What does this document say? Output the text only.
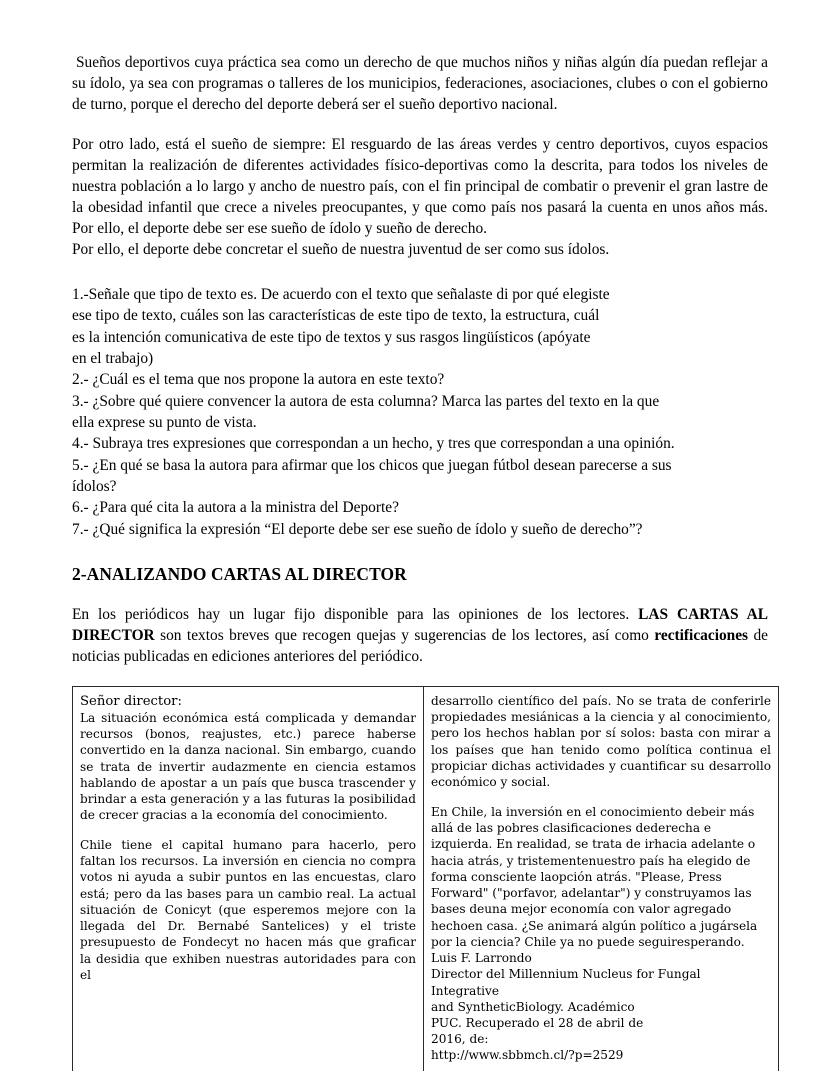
Sueños deportivos cuya práctica sea como un derecho de que muchos niños y niñas algún día puedan reflejar a su ídolo, ya sea con programas o talleres de los municipios, federaciones, asociaciones, clubes o con el gobierno de turno, porque el derecho del deporte deberá ser el sueño deportivo nacional.

Por otro lado, está el sueño de siempre: El resguardo de las áreas verdes y centro deportivos, cuyos espacios permitan la realización de diferentes actividades físico-deportivas como la descrita, para todos los niveles de nuestra población a lo largo y ancho de nuestro país, con el fin principal de combatir o prevenir el gran lastre de la obesidad infantil que crece a niveles preocupantes, y que como país nos pasará la cuenta en unos años más. Por ello, el deporte debe ser ese sueño de ídolo y sueño de derecho.

Por ello, el deporte debe concretar el sueño de nuestra juventud de ser como sus ídolos.

1.-Señale que tipo de texto es. De acuerdo con el texto que señalaste di por qué elegiste

ese tipo de texto, cuáles son las características de este tipo de texto, la estructura, cuál

es la intención comunicativa de este tipo de textos y sus rasgos lingüísticos (apóyate

en el trabajo)

2.- ¿Cuál es el tema que nos propone la autora en este texto?

3.- ¿Sobre qué quiere convencer la autora de esta columna? Marca las partes del texto en la que

ella exprese su punto de vista.

4.- Subraya tres expresiones que correspondan a un hecho, y tres que correspondan a una opinión.

5.- ¿En qué se basa la autora para afirmar que los chicos que juegan fútbol desean parecerse a sus

ídolos?

6.- ¿Para qué cita la autora a la ministra del Deporte?

7.- ¿Qué significa la expresión “El deporte debe ser ese sueño de ídolo y sueño de derecho”?

2-ANALIZANDO CARTAS AL DIRECTOR

En los periódicos hay un lugar fijo disponible para las opiniones de los lectores. LAS CARTAS AL DIRECTOR son textos breves que recogen quejas y sugerencias de los lectores, así como rectificaciones de noticias publicadas en ediciones anteriores del periódico.

Señor director:

La situación económica está complicada y demandar recursos (bonos, reajustes, etc.) parece haberse convertido en la danza nacional. Sin embargo, cuando se trata de invertir audazmente en ciencia estamos hablando de apostar a un país que busca trascender y brindar a esta generación y a las futuras la posibilidad de crecer gracias a la economía del conocimiento.

Chile tiene el capital humano para hacerlo, pero faltan los recursos. La inversión en ciencia no compra votos ni ayuda a subir puntos en las encuestas, claro está; pero da las bases para un cambio real. La actual situación de Conicyt (que esperemos mejore con la llegada del Dr. Bernabé Santelices) y el triste presupuesto de Fondecyt no hacen más que graficar la desidia que exhiben nuestras autoridades para con el

desarrollo científico del país. No se trata de conferirle propiedades mesiánicas a la ciencia y al conocimiento, pero los hechos hablan por sí solos: basta con mirar a los países que han tenido como política continua el propiciar dichas actividades y cuantificar su desarrollo económico y social.

En Chile, la inversión en el conocimiento debeir más allá de las pobres clasificaciones dederecha e izquierda. En realidad, se trata de irhacia adelante o hacia atrás, y tristementenuestro país ha elegido de forma consciente laopción atrás. "Please, Press Forward" ("porfavor, adelantar") y construyamos las bases deuna mejor economía con valor agregado hechoen casa. ¿Se animará algún político a jugársela por la ciencia? Chile ya no puede seguiresperando.

Luis F. Larrondo

Director del Millennium Nucleus for Fungal Integrative

and SyntheticBiology. Académico

PUC. Recuperado el 28 de abril de

2016, de:

http://www.sbbmch.cl/?p=2529
